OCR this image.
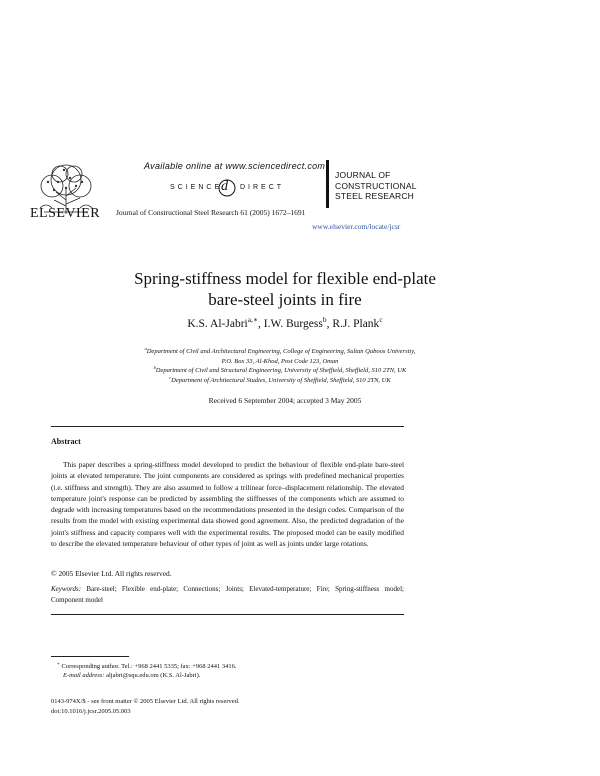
ELSEVIER
Available online at www.sciencedirect.com
SCIENCE
d DIRECT
Journal of Constructional Steel Research 61 (2005) 1672–1691
JOURNAL OF
CONSTRUCTIONAL
STEEL RESEARCH
www.elsevier.com/locate/jcsr
Spring-stiffness model for flexible end-plate
bare-steel joints in fire
K.S. Al-Jabri$^{a,∗}$, I.W. Burgess$^b$, R.J. Plank$^c$
$^a$Department of Civil and Architectural Engineering, College of Engineering, Sultan Qaboos University,
P.O. Box 33, Al-Khod, Post Code 123, Oman
$^b$Department of Civil and Structural Engineering, University of Sheffield, Sheffield, S10 2TN, UK
$^c$Department of Architectural Studies, University of Sheffield, Sheffield, S10 2TN, UK
Received 6 September 2004; accepted 3 May 2005
Abstract
This paper describes a spring-stiffness model developed to predict the behaviour of flexible end-plate bare-steel joints at elevated temperature. The joint components are considered as springs with predefined mechanical properties (i.e. stiffness and strength). They are also assumed to follow a trilinear force–displacement relationship. The elevated temperature joint's response can be predicted by assembling the stiffnesses of the components which are assumed to degrade with increasing temperatures based on the recommendations presented in the design codes. Comparison of the results from the model with existing experimental data showed good agreement. Also, the predicted degradation of the joint's stiffness and capacity compares well with the experimental results. The proposed model can be easily modified to describe the elevated temperature behaviour of other types of joint as well as joints under large rotations.
© 2005 Elsevier Ltd. All rights reserved.
Keywords: Bare-steel; Flexible end-plate; Connections; Joints; Elevated-temperature; Fire; Spring-stiffness model; Component model
∗ Corresponding author. Tel.: +968 2441 5335; fax: +968 2441 3416.
E-mail address: aljabri@squ.edu.om (K.S. Al-Jabri).
0143-974X/$ - see front matter © 2005 Elsevier Ltd. All rights reserved.
doi:10.1016/j.jcsr.2005.05.003
